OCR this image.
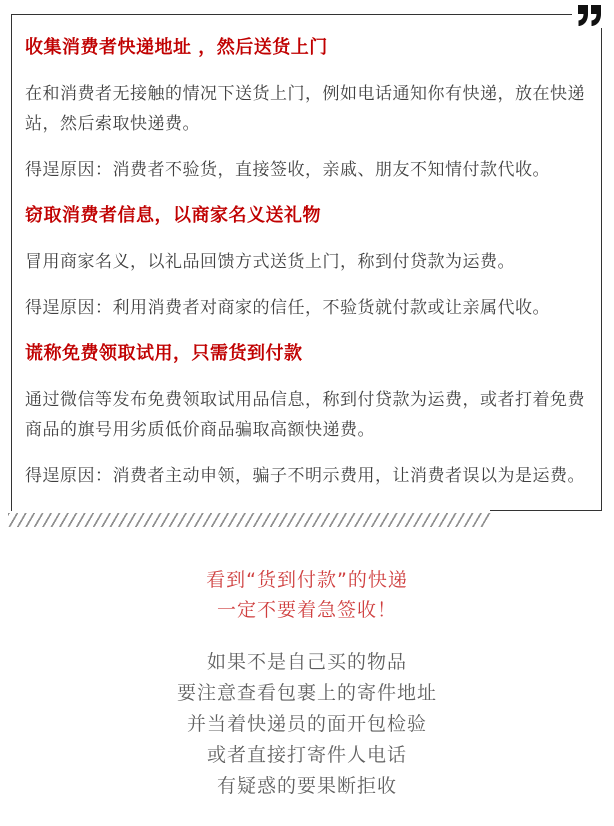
收集消费者快递地址 ，然后送货上门

在和消费者无接触的情况下送货上门，例如电话通知你有快递，放在快递站，然后索取快递费。

得逞原因：消费者不验货，直接签收，亲戚、朋友不知情付款代收。

窃取消费者信息，以商家名义送礼物

冒用商家名义，以礼品回馈方式送货上门，称到付贷款为运费。

得逞原因：利用消费者对商家的信任，不验货就付款或让亲属代收。

谎称免费领取试用，只需货到付款

通过微信等发布免费领取试用品信息，称到付贷款为运费，或者打着免费商品的旗号用劣质低价商品骗取高额快递费。

得逞原因：消费者主动申领，骗子不明示费用，让消费者误以为是运费。

看到“货到付款”的快递

一定不要着急签收！

如果不是自己买的物品

要注意查看包裹上的寄件地址

并当着快递员的面开包检验

或者直接打寄件人电话

有疑惑的要果断拒收
